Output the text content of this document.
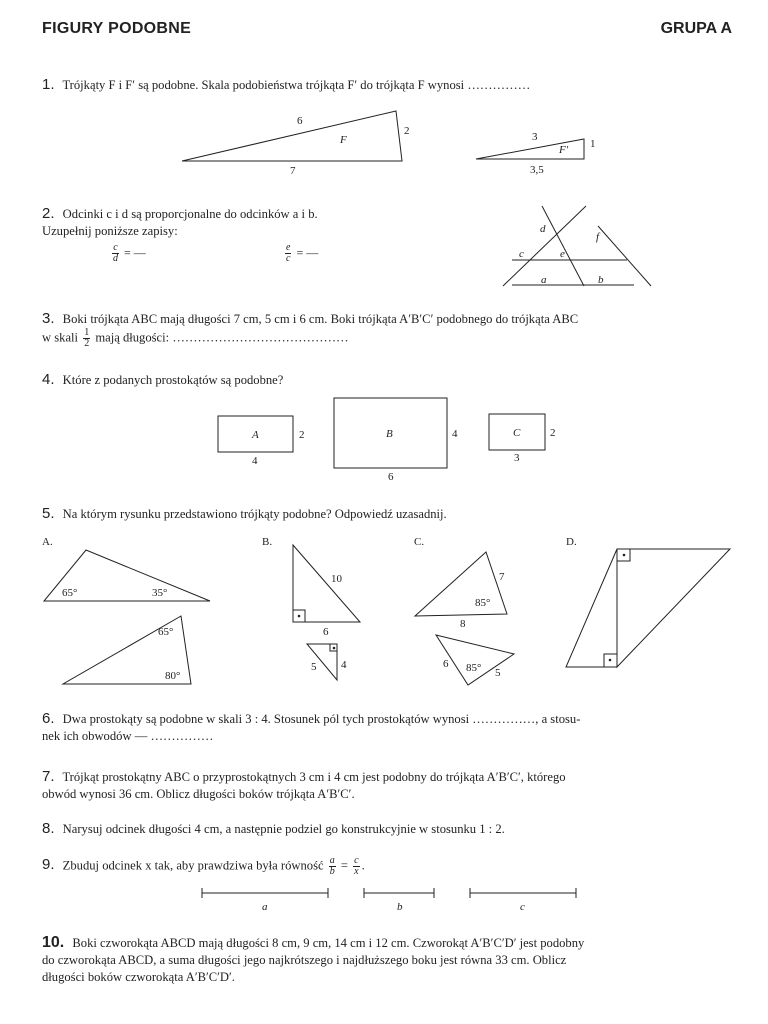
FIGURY PODOBNE	GRUPA A
1. Trójkąty F i F′ są podobne. Skala podobieństwa trójkąta F′ do trójkąta F wynosi ……………
2. Odcinki c i d są proporcjonalne do odcinków a i b.
Uzupełnij poniższe zapisy:
$\frac{c}{d}$ = —	$\frac{e}{c}$ = —
3. Boki trójkąta ABC mają długości 7 cm, 5 cm i 6 cm. Boki trójkąta A′B′C′ podobnego do trójkąta ABC
w skali $\frac{1}{2}$ mają długości: ……………………………………
4. Które z podanych prostokątów są podobne?
5. Na którym rysunku przedstawiono trójkąty podobne? Odpowiedź uzasadnij.
6. Dwa prostokąty są podobne w skali 3 : 4. Stosunek pól tych prostokątów wynosi ……………, a stosu-
nek ich obwodów — ……………
7. Trójkąt prostokątny ABC o przyprostokątnych 3 cm i 4 cm jest podobny do trójkąta A′B′C′, którego
obwód wynosi 36 cm. Oblicz długości boków trójkąta A′B′C′.
8. Narysuj odcinek długości 4 cm, a następnie podziel go konstrukcyjnie w stosunku 1 : 2.
9. Zbuduj odcinek x tak, aby prawdziwa była równość $\frac{a}{b} = \frac{c}{x}$ .
10. Boki czworokąta ABCD mają długości 8 cm, 9 cm, 14 cm i 12 cm. Czworokąt A′B′C′D′ jest podobny
do czworokąta ABCD, a suma długości jego najkrótszego i najdłuższego boku jest równa 33 cm. Oblicz
długości boków czworokąta A′B′C′D′.
6
2
7
F	3
1
3,5
F′
d
f
c	e
a	b
A	2
4
B	4
6
C	2
3
A.	B.	C.	D.
65°	35°
65°
80°
10
6
5 4
7
85°
8
6 85° 5
a	b	c
